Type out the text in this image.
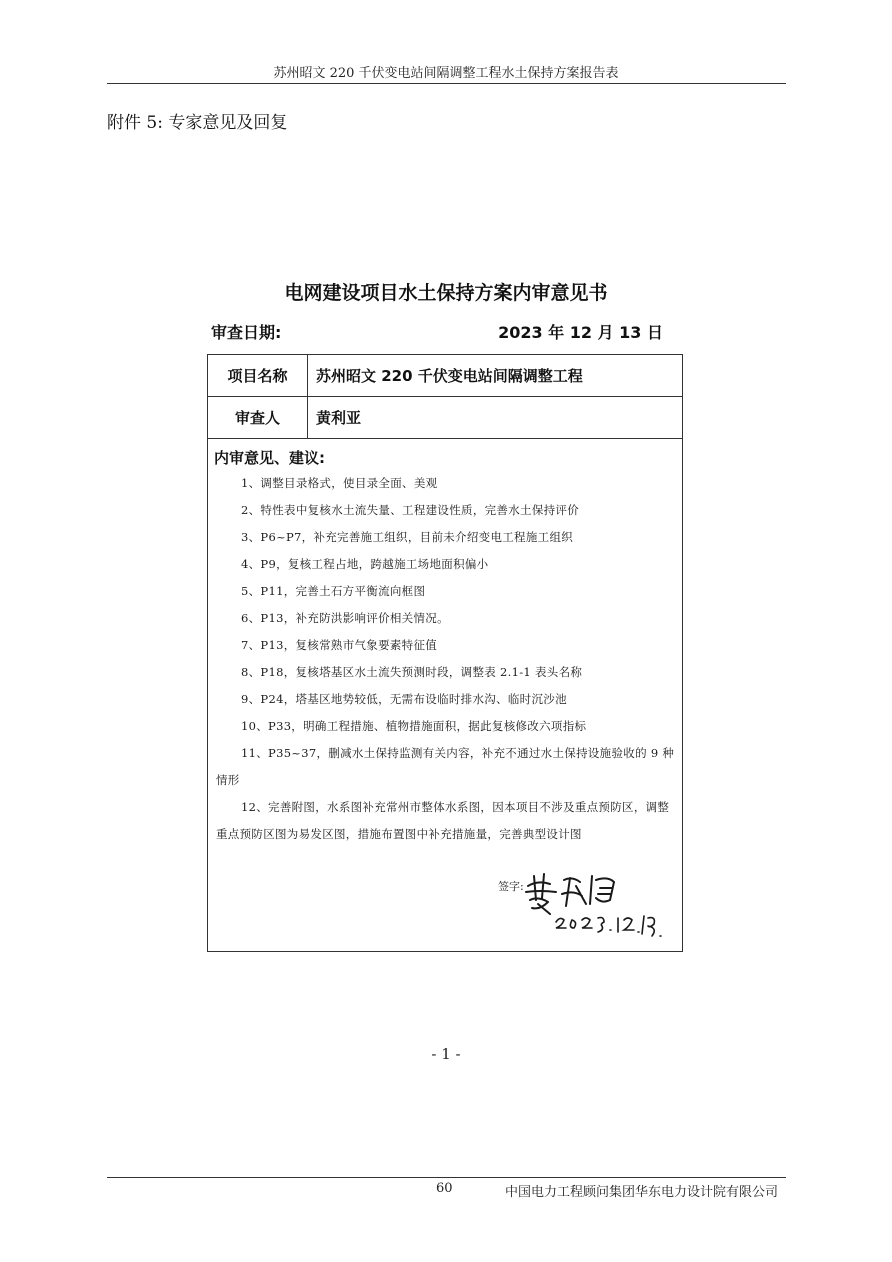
苏州昭文 220 千伏变电站间隔调整工程水土保持方案报告表
附件 5: 专家意见及回复
电网建设项目水土保持方案内审意见书
审查日期:	2023 年 12 月 13 日
项目名称	苏州昭文 220 千伏变电站间隔调整工程
审查人	黄利亚
内审意见、建议:
1、调整目录格式，使目录全面、美观
2、特性表中复核水土流失量、工程建设性质，完善水土保持评价
3、P6~P7，补充完善施工组织，目前未介绍变电工程施工组织
4、P9，复核工程占地，跨越施工场地面积偏小
5、P11，完善土石方平衡流向框图
6、P13，补充防洪影响评价相关情况。
7、P13，复核常熟市气象要素特征值
8、P18，复核塔基区水土流失预测时段，调整表 2.1-1 表头名称
9、P24，塔基区地势较低，无需布设临时排水沟、临时沉沙池
10、P33，明确工程措施、植物措施面积，据此复核修改六项指标
11、P35~37，删减水土保持监测有关内容，补充不通过水土保持设施验收的 9 种情形
12、完善附图，水系图补充常州市整体水系图，因本项目不涉及重点预防区，调整重点预防区图为易发区图，措施布置图中补充措施量，完善典型设计图
签字:
- 1 -
60	中国电力工程顾问集团华东电力设计院有限公司
